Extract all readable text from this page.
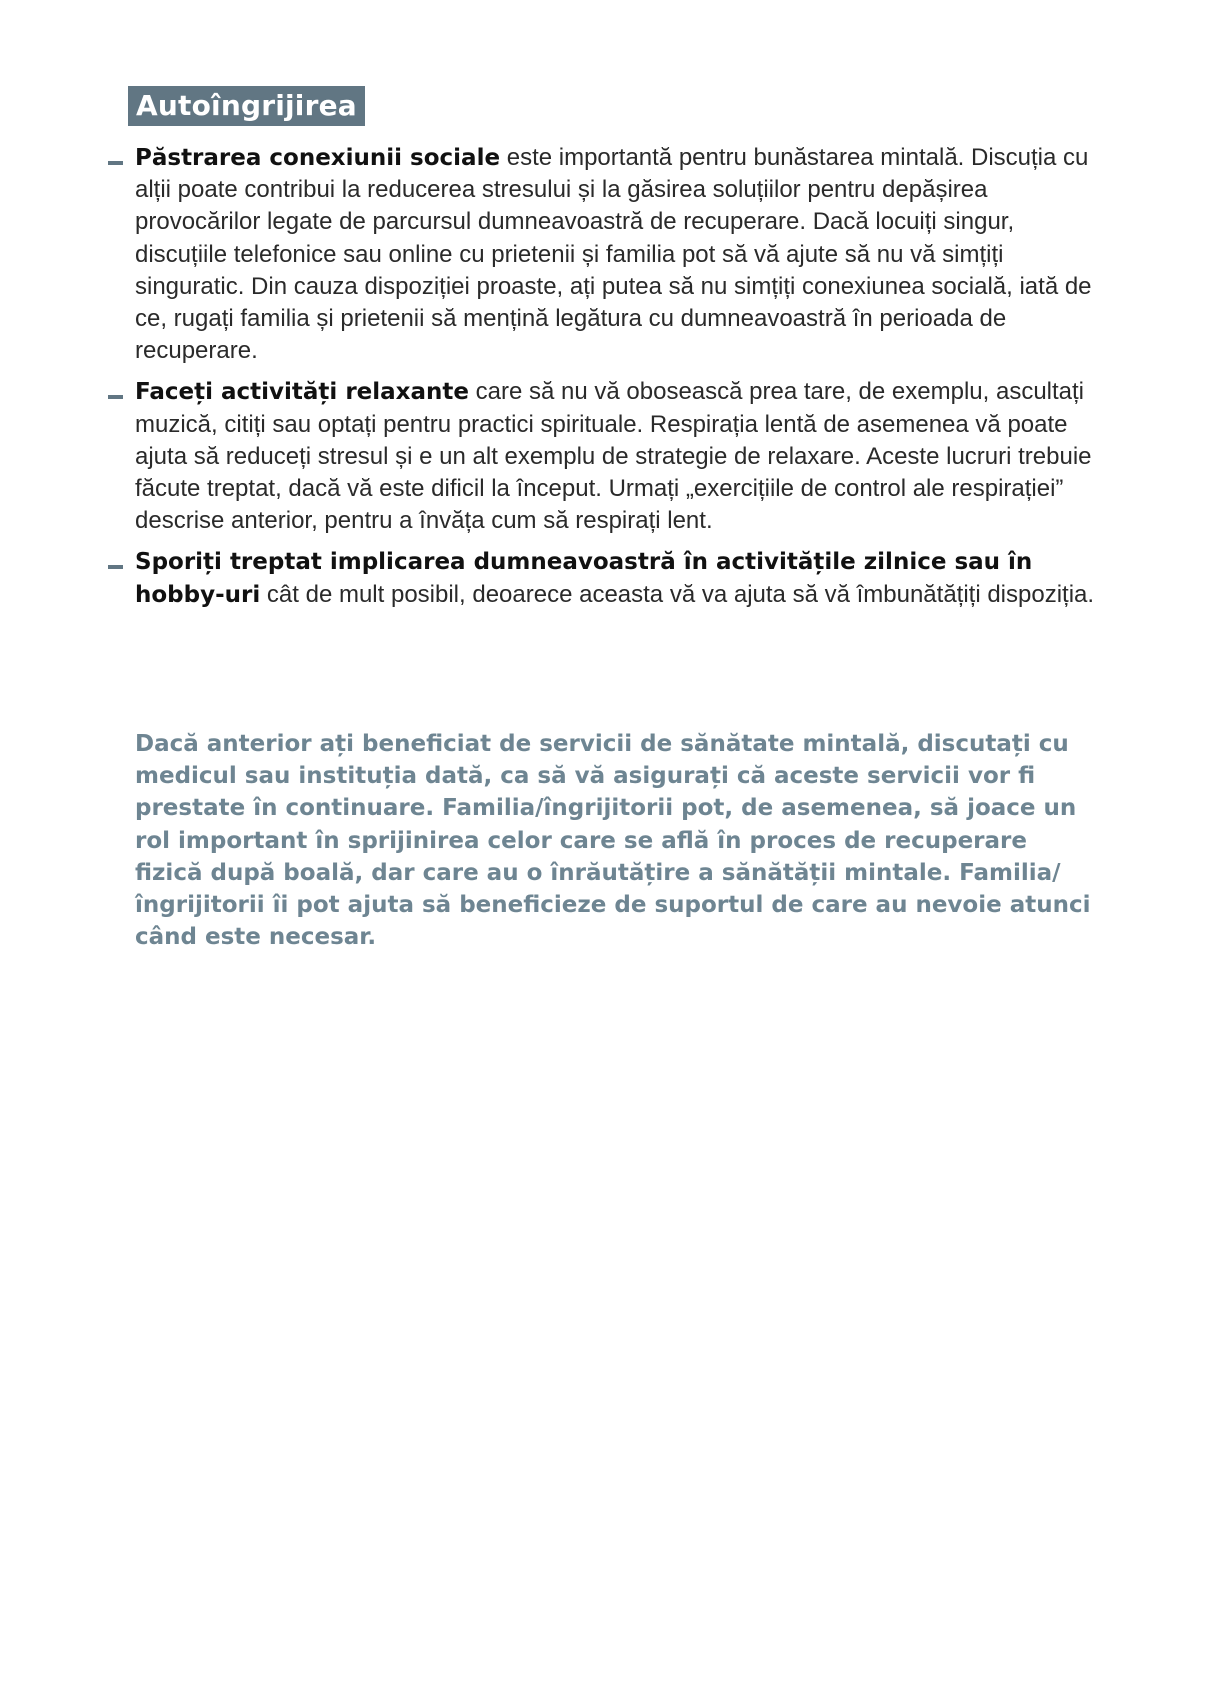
Autoîngrijirea
Păstrarea conexiunii sociale este importantă pentru bunăstarea mintală. Discuția cu alții poate contribui la reducerea stresului și la găsirea soluțiilor pentru depășirea provocărilor legate de parcursul dumneavoastră de recuperare. Dacă locuiți singur, discuțiile telefonice sau online cu prietenii și familia pot să vă ajute să nu vă simțiți singuratic. Din cauza dispoziției proaste, ați putea să nu simțiți conexiunea socială, iată de ce, rugați familia și prietenii să mențină legătura cu dumneavoastră în perioada de recuperare.
Faceți activități relaxante care să nu vă obosească prea tare, de exemplu, ascultați muzică, citiți sau optați pentru practici spirituale. Respirația lentă de asemenea vă poate ajuta să reduceți stresul și e un alt exemplu de strategie de relaxare. Aceste lucruri trebuie făcute treptat, dacă vă este dificil la început. Urmați „exercițiile de control ale respirației” descrise anterior, pentru a învăța cum să respirați lent.
Sporiți treptat implicarea dumneavoastră în activitățile zilnice sau în hobby-uri cât de mult posibil, deoarece aceasta vă va ajuta să vă îmbunătățiți dispoziția.

Dacă anterior ați beneficiat de servicii de sănătate mintală, discutați cu medicul sau instituția dată, ca să vă asigurați că aceste servicii vor fi prestate în continuare. Familia/îngrijitorii pot, de asemenea, să joace un rol important în sprijinirea celor care se află în proces de recuperare fizică după boală, dar care au o înrăutățire a sănătății mintale. Familia/ îngrijitorii îi pot ajuta să beneficieze de suportul de care au nevoie atunci când este necesar.
